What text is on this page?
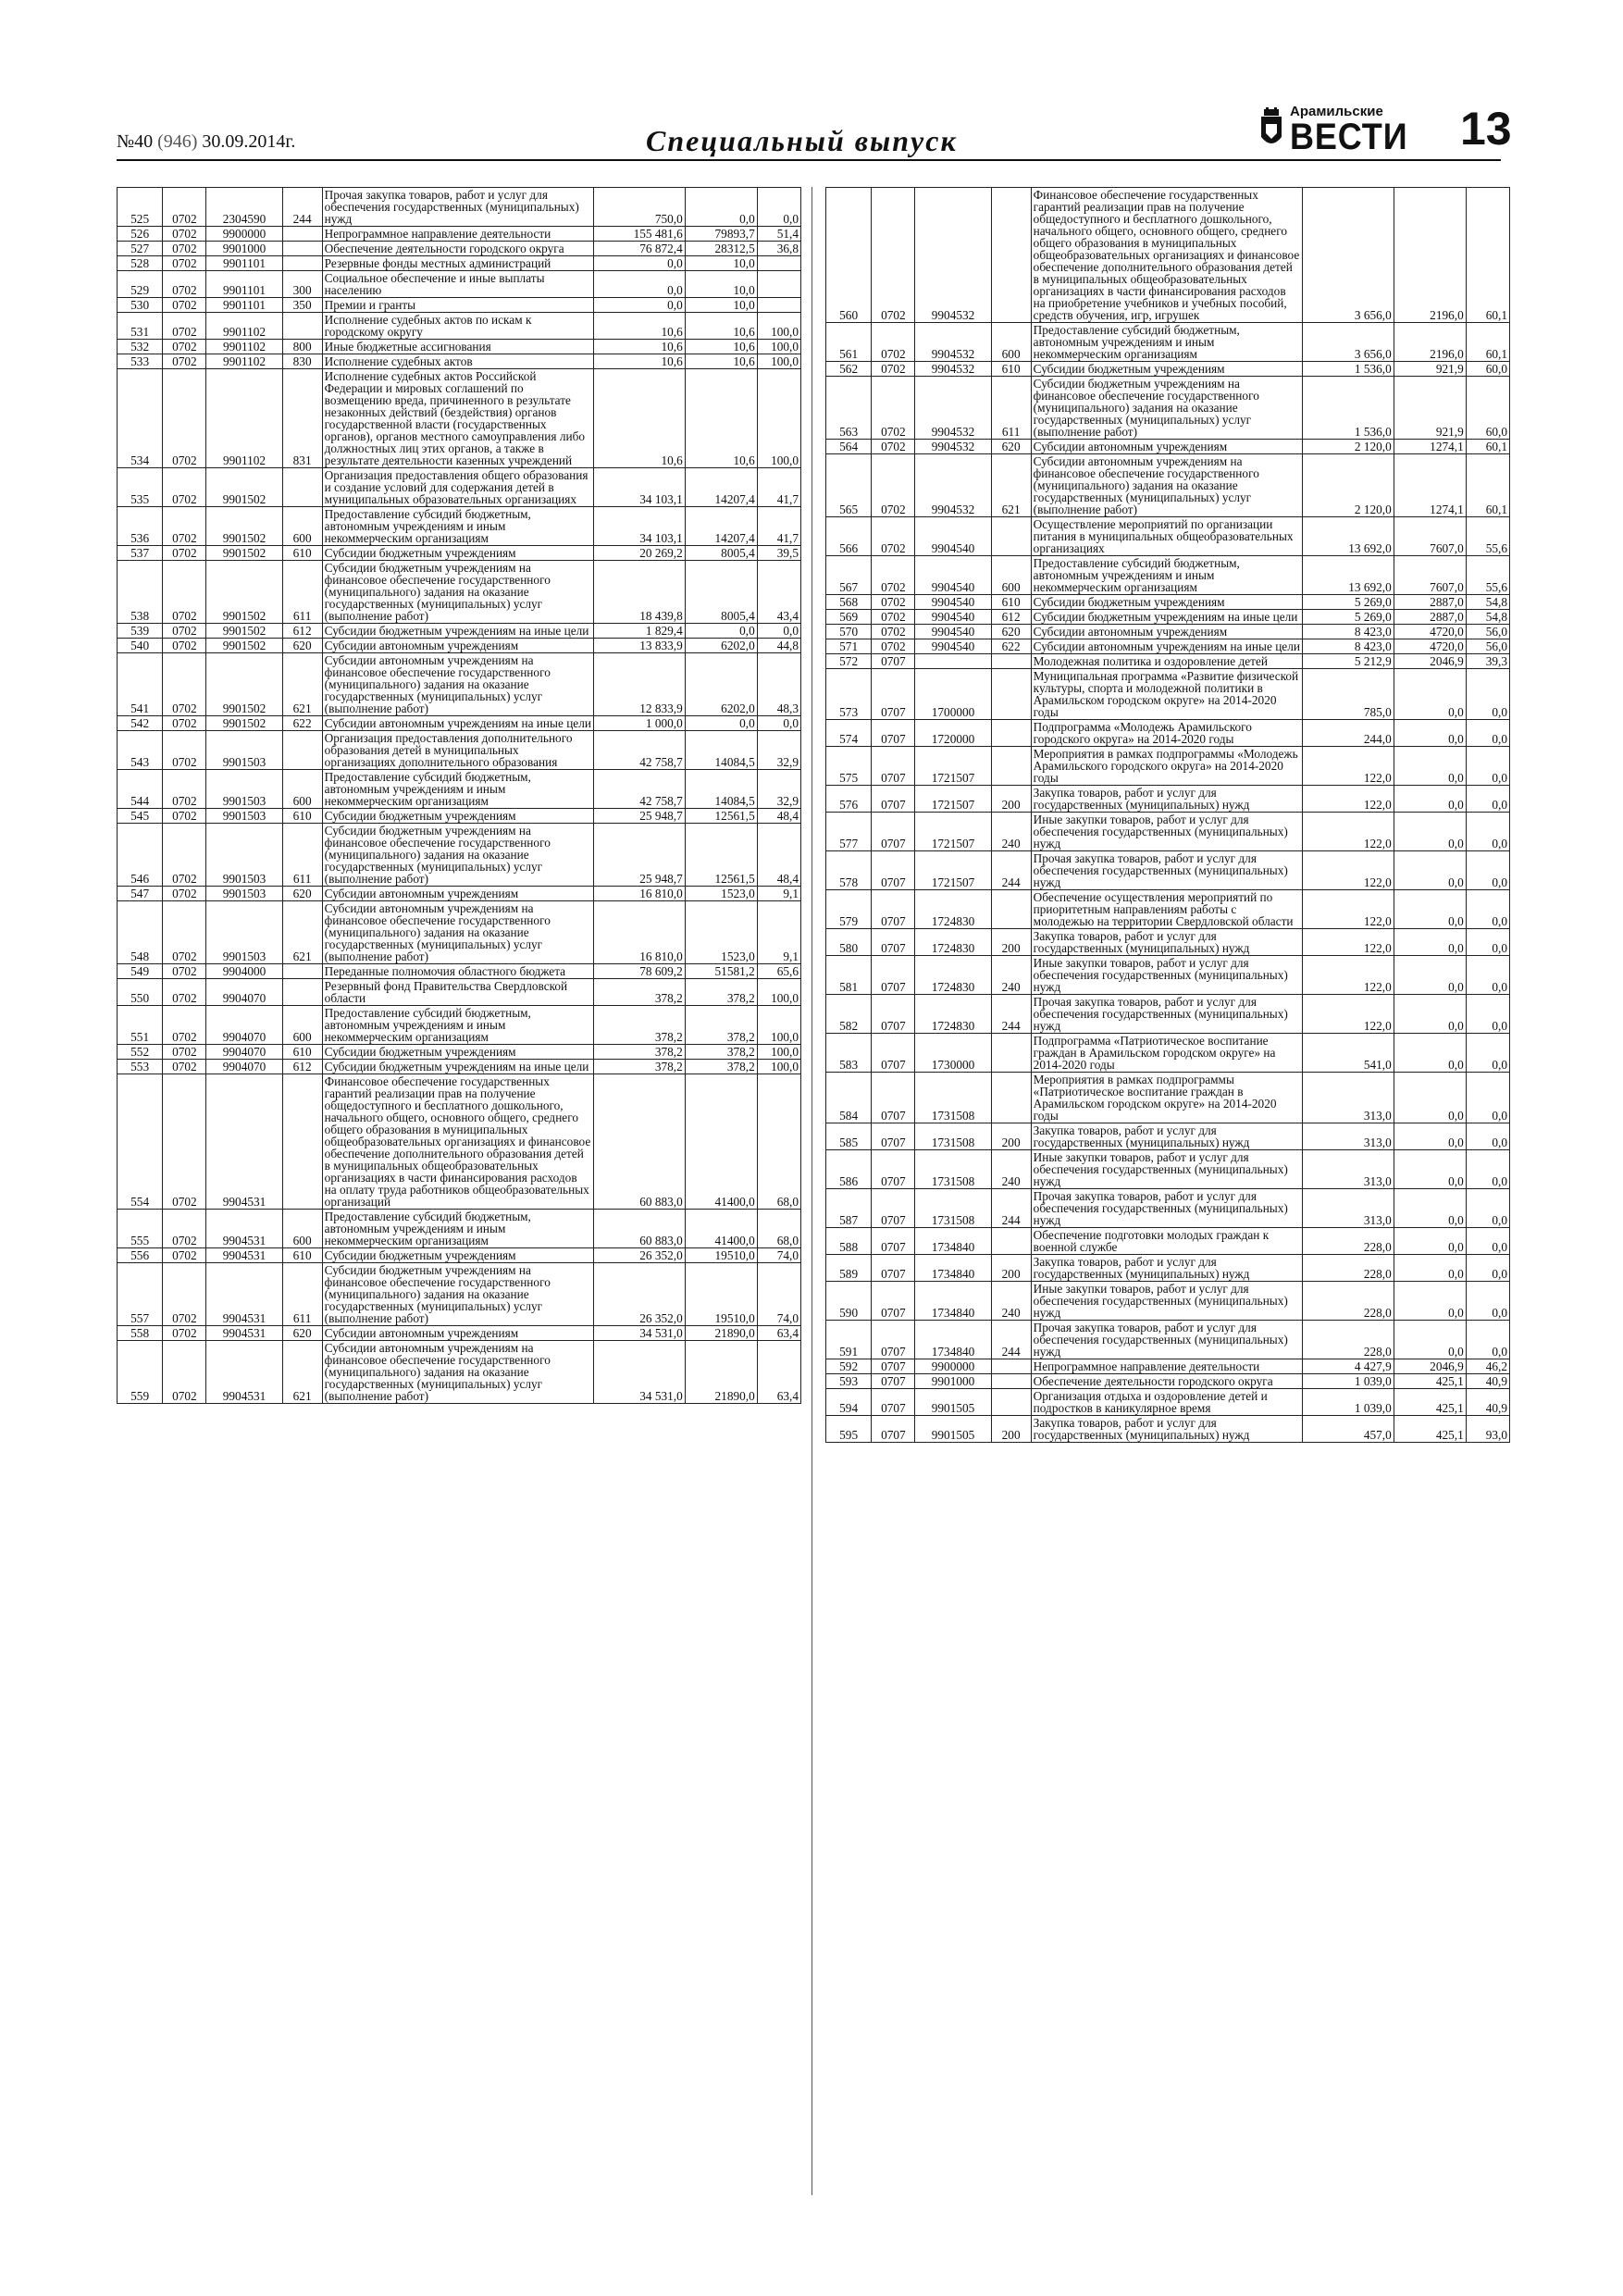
№40 (946) 30.09.2014г.	Специальный выпуск
Арамильские
ВЕСТИ 13
525	0702	2304590	244	Прочая закупка товаров, работ и услуг для обеспечения государственных (муниципальных) нужд	750,0	0,0	0,0
526	0702	9900000		Непрограммное направление деятельности	155 481,6	79893,7	51,4
527	0702	9901000		Обеспечение деятельности городского округа	76 872,4	28312,5	36,8
528	0702	9901101		Резервные фонды местных администраций	0,0	10,0	
529	0702	9901101	300	Социальное обеспечение и иные выплаты населению	0,0	10,0	
530	0702	9901101	350	Премии и гранты	0,0	10,0	
531	0702	9901102		Исполнение судебных актов по искам к городскому округу	10,6	10,6	100,0
532	0702	9901102	800	Иные бюджетные ассигнования	10,6	10,6	100,0
533	0702	9901102	830	Исполнение судебных актов	10,6	10,6	100,0
534	0702	9901102	831	Исполнение судебных актов Российской Федерации и мировых соглашений по возмещению вреда, причиненного в результате незаконных действий (бездействия) органов государственной власти (государственных органов), органов местного самоуправления либо должностных лиц этих органов, а также в результате деятельности казенных учреждений	10,6	10,6	100,0
535	0702	9901502		Организация предоставления общего образования и создание условий для содержания детей в муниципальных образовательных организациях	34 103,1	14207,4	41,7
536	0702	9901502	600	Предоставление субсидий бюджетным, автономным учреждениям и иным некоммерческим организациям	34 103,1	14207,4	41,7
537	0702	9901502	610	Субсидии бюджетным учреждениям	20 269,2	8005,4	39,5
538	0702	9901502	611	Субсидии бюджетным учреждениям на финансовое обеспечение государственного (муниципального) задания на оказание государственных (муниципальных) услуг (выполнение работ)	18 439,8	8005,4	43,4
539	0702	9901502	612	Субсидии бюджетным учреждениям на иные цели	1 829,4	0,0	0,0
540	0702	9901502	620	Субсидии автономным учреждениям	13 833,9	6202,0	44,8
541	0702	9901502	621	Субсидии автономным учреждениям на финансовое обеспечение государственного (муниципального) задания на оказание государственных (муниципальных) услуг (выполнение работ)	12 833,9	6202,0	48,3
542	0702	9901502	622	Субсидии автономным учреждениям на иные цели	1 000,0	0,0	0,0
543	0702	9901503		Организация предоставления дополнительного образования детей в муниципальных организациях дополнительного образования	42 758,7	14084,5	32,9
544	0702	9901503	600	Предоставление субсидий бюджетным, автономным учреждениям и иным некоммерческим организациям	42 758,7	14084,5	32,9
545	0702	9901503	610	Субсидии бюджетным учреждениям	25 948,7	12561,5	48,4
546	0702	9901503	611	Субсидии бюджетным учреждениям на финансовое обеспечение государственного (муниципального) задания на оказание государственных (муниципальных) услуг (выполнение работ)	25 948,7	12561,5	48,4
547	0702	9901503	620	Субсидии автономным учреждениям	16 810,0	1523,0	9,1
548	0702	9901503	621	Субсидии автономным учреждениям на финансовое обеспечение государственного (муниципального) задания на оказание государственных (муниципальных) услуг (выполнение работ)	16 810,0	1523,0	9,1
549	0702	9904000		Переданные полномочия областного бюджета	78 609,2	51581,2	65,6
550	0702	9904070		Резервный фонд Правительства Свердловской области	378,2	378,2	100,0
551	0702	9904070	600	Предоставление субсидий бюджетным, автономным учреждениям и иным некоммерческим организациям	378,2	378,2	100,0
552	0702	9904070	610	Субсидии бюджетным учреждениям	378,2	378,2	100,0
553	0702	9904070	612	Субсидии бюджетным учреждениям на иные цели	378,2	378,2	100,0
554	0702	9904531		Финансовое обеспечение государственных гарантий реализации прав на получение общедоступного и бесплатного дошкольного, начального общего, основного общего, среднего общего образования в муниципальных общеобразовательных организациях и финансовое обеспечение дополнительного образования детей в муниципальных общеобразовательных организациях в части финансирования расходов на оплату труда работников общеобразовательных организаций	60 883,0	41400,0	68,0
555	0702	9904531	600	Предоставление субсидий бюджетным, автономным учреждениям и иным некоммерческим организациям	60 883,0	41400,0	68,0
556	0702	9904531	610	Субсидии бюджетным учреждениям	26 352,0	19510,0	74,0
557	0702	9904531	611	Субсидии бюджетным учреждениям на финансовое обеспечение государственного (муниципального) задания на оказание государственных (муниципальных) услуг (выполнение работ)	26 352,0	19510,0	74,0
558	0702	9904531	620	Субсидии автономным учреждениям	34 531,0	21890,0	63,4
559	0702	9904531	621	Субсидии автономным учреждениям на финансовое обеспечение государственного (муниципального) задания на оказание государственных (муниципальных) услуг (выполнение работ)	34 531,0	21890,0	63,4
560	0702	9904532		Финансовое обеспечение государственных гарантий реализации прав на получение общедоступного и бесплатного дошкольного, начального общего, основного общего, среднего общего образования в муниципальных общеобразовательных организациях и финансовое обеспечение дополнительного образования детей в муниципальных общеобразовательных организациях в части финансирования расходов на приобретение учебников и учебных пособий, средств обучения, игр, игрушек	3 656,0	2196,0	60,1
561	0702	9904532	600	Предоставление субсидий бюджетным, автономным учреждениям и иным некоммерческим организациям	3 656,0	2196,0	60,1
562	0702	9904532	610	Субсидии бюджетным учреждениям	1 536,0	921,9	60,0
563	0702	9904532	611	Субсидии бюджетным учреждениям на финансовое обеспечение государственного (муниципального) задания на оказание государственных (муниципальных) услуг (выполнение работ)	1 536,0	921,9	60,0
564	0702	9904532	620	Субсидии автономным учреждениям	2 120,0	1274,1	60,1
565	0702	9904532	621	Субсидии автономным учреждениям на финансовое обеспечение государственного (муниципального) задания на оказание государственных (муниципальных) услуг (выполнение работ)	2 120,0	1274,1	60,1
566	0702	9904540		Осуществление мероприятий по организации питания в муниципальных общеобразовательных организациях	13 692,0	7607,0	55,6
567	0702	9904540	600	Предоставление субсидий бюджетным, автономным учреждениям и иным некоммерческим организациям	13 692,0	7607,0	55,6
568	0702	9904540	610	Субсидии бюджетным учреждениям	5 269,0	2887,0	54,8
569	0702	9904540	612	Субсидии бюджетным учреждениям на иные цели	5 269,0	2887,0	54,8
570	0702	9904540	620	Субсидии автономным учреждениям	8 423,0	4720,0	56,0
571	0702	9904540	622	Субсидии автономным учреждениям на иные цели	8 423,0	4720,0	56,0
572	0707			Молодежная политика и оздоровление детей	5 212,9	2046,9	39,3
573	0707	1700000		Муниципальная программа «Развитие физической культуры, спорта и молодежной политики в Арамильском городском округе» на 2014-2020 годы	785,0	0,0	0,0
574	0707	1720000		Подпрограмма «Молодежь Арамильского городского округа» на 2014-2020 годы	244,0	0,0	0,0
575	0707	1721507		Мероприятия в рамках подпрограммы «Молодежь Арамильского городского округа» на 2014-2020 годы	122,0	0,0	0,0
576	0707	1721507	200	Закупка товаров, работ и услуг для государственных (муниципальных) нужд	122,0	0,0	0,0
577	0707	1721507	240	Иные закупки товаров, работ и услуг для обеспечения государственных (муниципальных) нужд	122,0	0,0	0,0
578	0707	1721507	244	Прочая закупка товаров, работ и услуг для обеспечения государственных (муниципальных) нужд	122,0	0,0	0,0
579	0707	1724830		Обеспечение осуществления мероприятий по приоритетным направлениям работы с молодежью на территории Свердловской области	122,0	0,0	0,0
580	0707	1724830	200	Закупка товаров, работ и услуг для государственных (муниципальных) нужд	122,0	0,0	0,0
581	0707	1724830	240	Иные закупки товаров, работ и услуг для обеспечения государственных (муниципальных) нужд	122,0	0,0	0,0
582	0707	1724830	244	Прочая закупка товаров, работ и услуг для обеспечения государственных (муниципальных) нужд	122,0	0,0	0,0
583	0707	1730000		Подпрограмма «Патриотическое воспитание граждан в Арамильском городском округе» на 2014-2020 годы	541,0	0,0	0,0
584	0707	1731508		Мероприятия в рамках подпрограммы «Патриотическое воспитание граждан в Арамильском городском округе» на 2014-2020 годы	313,0	0,0	0,0
585	0707	1731508	200	Закупка товаров, работ и услуг для государственных (муниципальных) нужд	313,0	0,0	0,0
586	0707	1731508	240	Иные закупки товаров, работ и услуг для обеспечения государственных (муниципальных) нужд	313,0	0,0	0,0
587	0707	1731508	244	Прочая закупка товаров, работ и услуг для обеспечения государственных (муниципальных) нужд	313,0	0,0	0,0
588	0707	1734840		Обеспечение подготовки молодых граждан к военной службе	228,0	0,0	0,0
589	0707	1734840	200	Закупка товаров, работ и услуг для государственных (муниципальных) нужд	228,0	0,0	0,0
590	0707	1734840	240	Иные закупки товаров, работ и услуг для обеспечения государственных (муниципальных) нужд	228,0	0,0	0,0
591	0707	1734840	244	Прочая закупка товаров, работ и услуг для обеспечения государственных (муниципальных) нужд	228,0	0,0	0,0
592	0707	9900000		Непрограммное направление деятельности	4 427,9	2046,9	46,2
593	0707	9901000		Обеспечение деятельности городского округа	1 039,0	425,1	40,9
594	0707	9901505		Организация отдыха и оздоровление детей и подростков в каникулярное время	1 039,0	425,1	40,9
595	0707	9901505	200	Закупка товаров, работ и услуг для государственных (муниципальных) нужд	457,0	425,1	93,0
